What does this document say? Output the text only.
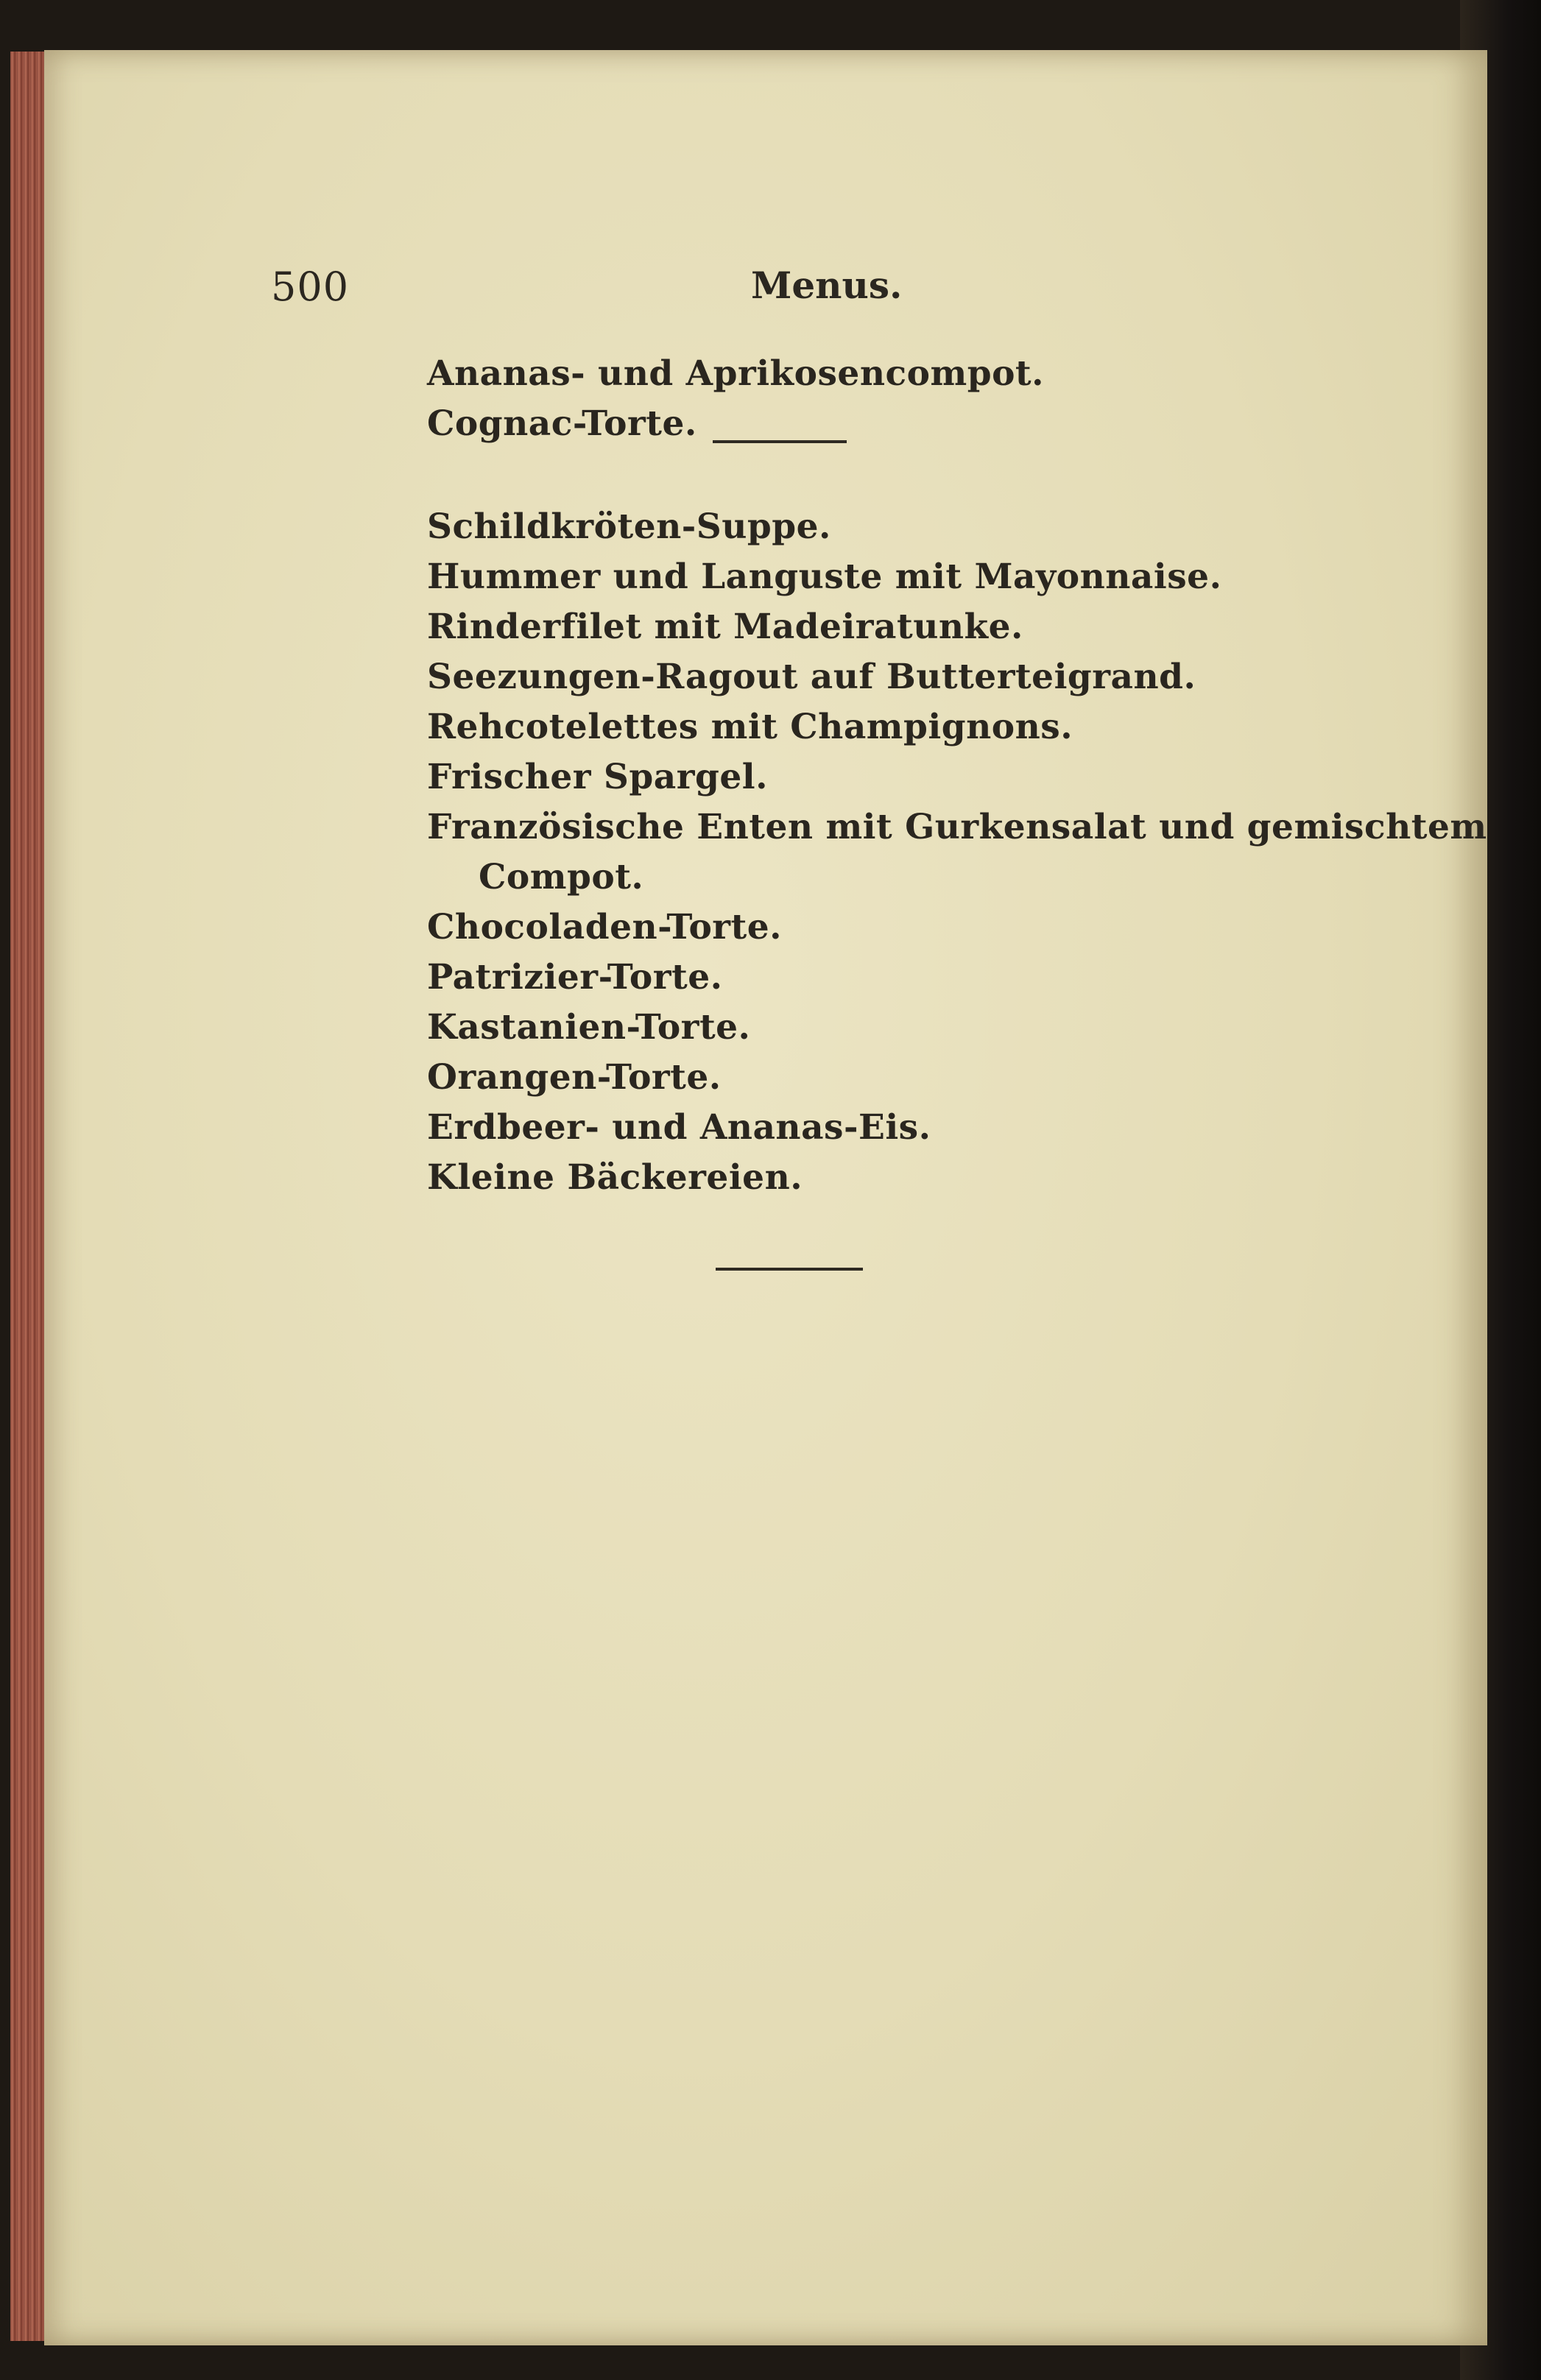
500	Menus.
Ananas- und Aprikosencompot.
Cognac-Torte.
Schildkröten-Suppe.
Hummer und Languste mit Mayonnaise.
Rinderfilet mit Madeiratunke.
Seezungen-Ragout auf Butterteigrand.
Rehcotelettes mit Champignons.
Frischer Spargel.
Französische Enten mit Gurkensalat und gemischtem
Compot.
Chocoladen-Torte.
Patrizier-Torte.
Kastanien-Torte.
Orangen-Torte.
Erdbeer- und Ananas-Eis.
Kleine Bäckereien.
